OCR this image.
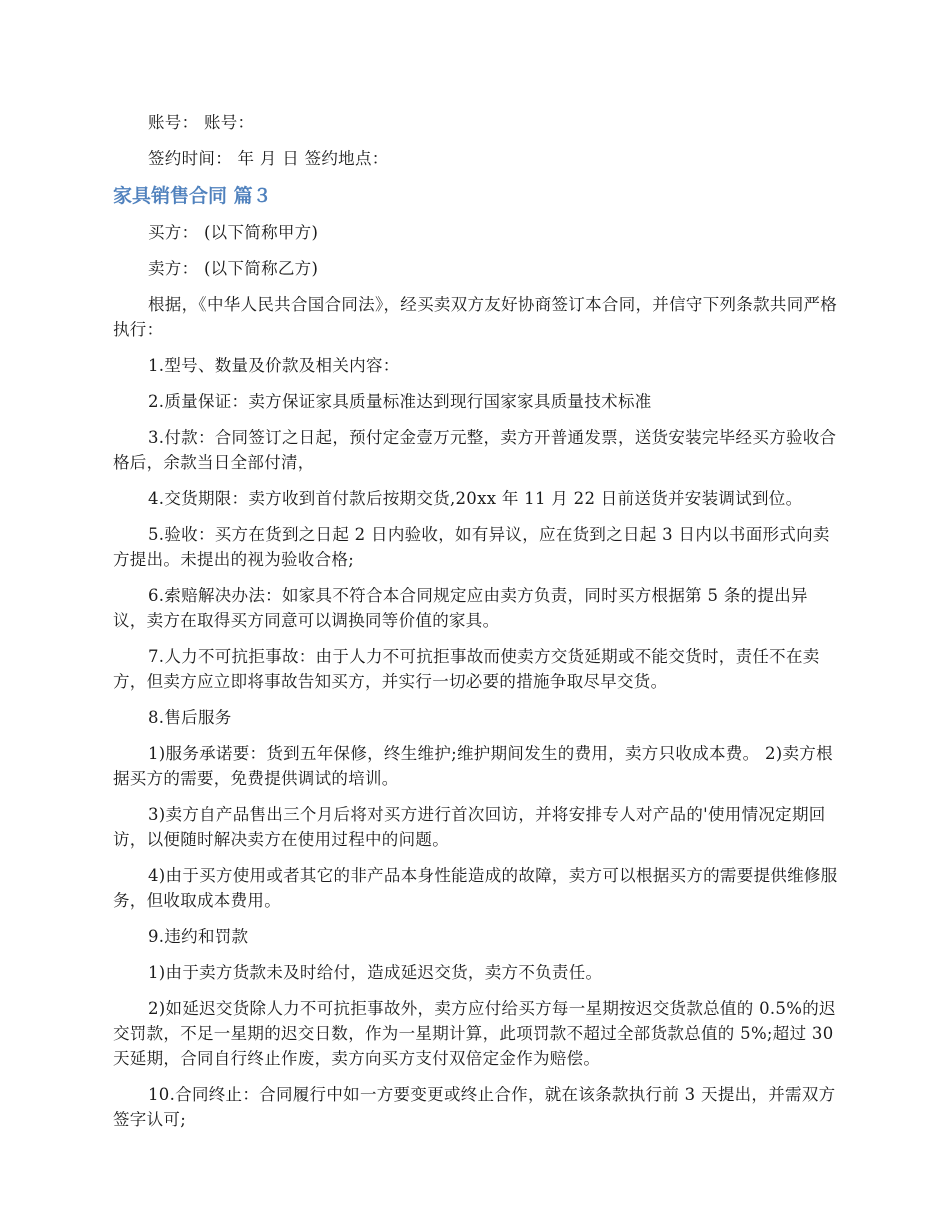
账号： 账号：

签约时间： 年 月 日 签约地点：

家具销售合同 篇３

买方： (以下简称甲方)

卖方： (以下简称乙方)

根据，《中华人民共合国合同法》，经买卖双方友好协商签订本合同，并信守下列条款共同严格执行：

1.型号、数量及价款及相关内容：

2.质量保证：卖方保证家具质量标准达到现行国家家具质量技术标准

3.付款：合同签订之日起，预付定金壹万元整，卖方开普通发票，送货安装完毕经买方验收合格后，余款当日全部付清，

4.交货期限：卖方收到首付款后按期交货,20xx 年 11 月 22 日前送货并安装调试到位。

5.验收：买方在货到之日起 2 日内验收，如有异议，应在货到之日起 3 日内以书面形式向卖方提出。未提出的视为验收合格;

6.索赔解决办法：如家具不符合本合同规定应由卖方负责，同时买方根据第 5 条的提出异议，卖方在取得买方同意可以调换同等价值的家具。

7.人力不可抗拒事故：由于人力不可抗拒事故而使卖方交货延期或不能交货时，责任不在卖方，但卖方应立即将事故告知买方，并实行一切必要的措施争取尽早交货。

8.售后服务

1)服务承诺要：货到五年保修，终生维护;维护期间发生的费用，卖方只收成本费。 2)卖方根据买方的需要，免费提供调试的培训。

3)卖方自产品售出三个月后将对买方进行首次回访，并将安排专人对产品的'使用情况定期回访，以便随时解决卖方在使用过程中的问题。

4)由于买方使用或者其它的非产品本身性能造成的故障，卖方可以根据买方的需要提供维修服务，但收取成本费用。

9.违约和罚款

1)由于卖方货款未及时给付，造成延迟交货，卖方不负责任。

2)如延迟交货除人力不可抗拒事故外，卖方应付给买方每一星期按迟交货款总值的 0.5%的迟交罚款，不足一星期的迟交日数，作为一星期计算，此项罚款不超过全部货款总值的 5%;超过 30 天延期，合同自行终止作废，卖方向买方支付双倍定金作为赔偿。

10.合同终止：合同履行中如一方要变更或终止合作，就在该条款执行前 3 天提出，并需双方签字认可;
